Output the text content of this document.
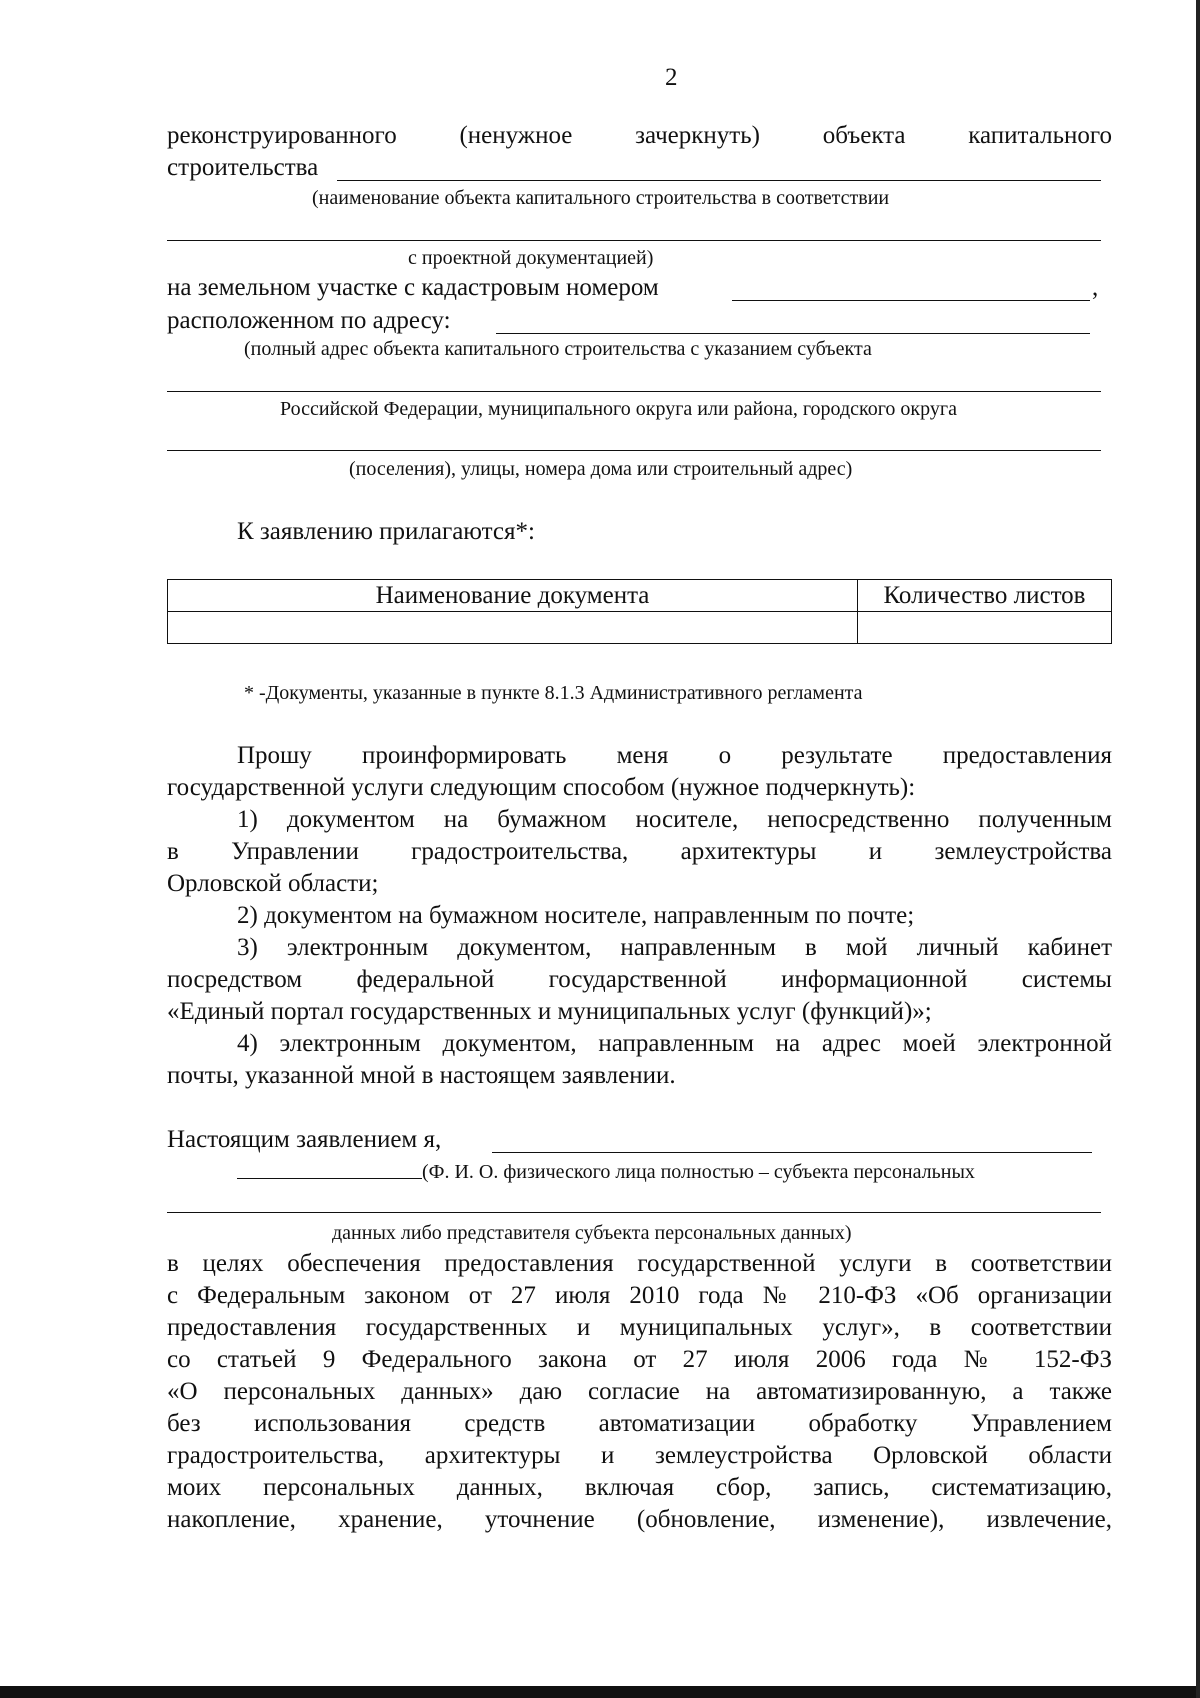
2
реконструированного	(ненужное	зачеркнуть)	объекта	капитального
строительства
(наименование объекта капитального строительства в соответствии
с проектной документацией)
на земельном участке с кадастровым номером	,
расположенном по адресу:
(полный адрес объекта капитального строительства с указанием субъекта
Российской Федерации, муниципального округа или района, городского округа
(поселения), улицы, номера дома или строительный адрес)
К заявлению прилагаются*:
Наименование документа	Количество листов

* -Документы, указанные в пункте 8.1.3 Административного регламента
Прошу проинформировать меня о результате предоставления
государственной услуги следующим способом (нужное подчеркнуть):
1) документом на бумажном носителе, непосредственно полученным
в Управлении градостроительства, архитектуры и землеустройства
Орловской области;
2) документом на бумажном носителе, направленным по почте;
3) электронным документом, направленным в мой личный кабинет
посредством федеральной государственной информационной системы
«Единый портал государственных и муниципальных услуг (функций)»;
4) электронным документом, направленным на адрес моей электронной
почты, указанной мной в настоящем заявлении.
Настоящим заявлением я,
(Ф. И. О. физического лица полностью – субъекта персональных
данных либо представителя субъекта персональных данных)
в целях обеспечения предоставления государственной услуги в соответствии
с Федеральным законом от 27 июля 2010 года № 210-ФЗ «Об организации
предоставления государственных и муниципальных услуг», в соответствии
со статьей 9 Федерального закона от 27 июля 2006 года № 152-ФЗ
«О персональных данных» даю согласие на автоматизированную, а также
без использования средств автоматизации обработку Управлением
градостроительства, архитектуры и землеустройства Орловской области
моих персональных данных, включая сбор, запись, систематизацию,
накопление, хранение, уточнение (обновление, изменение), извлечение,
